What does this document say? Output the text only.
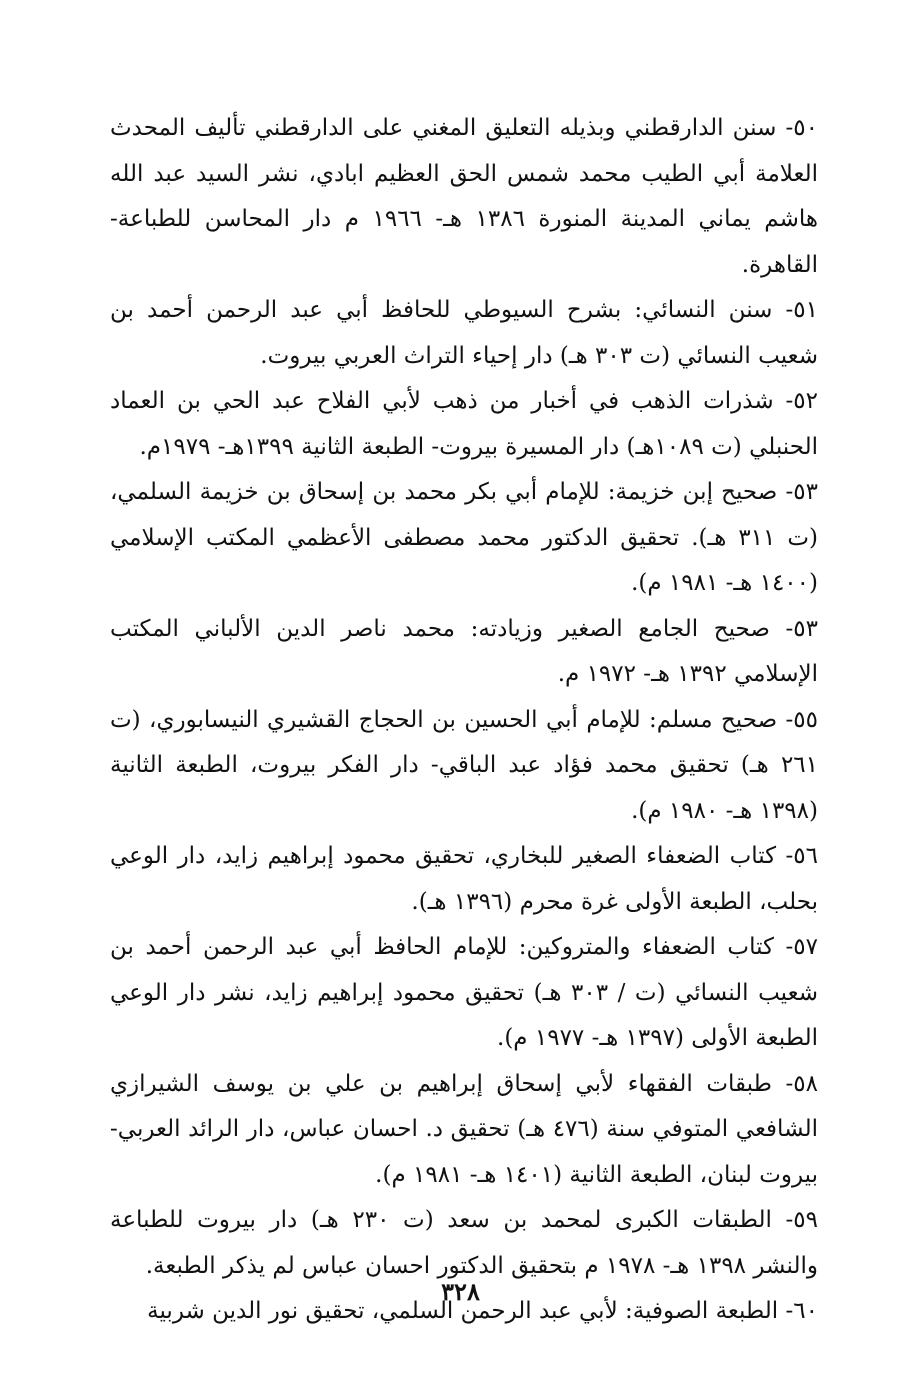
٥٠- سنن الدارقطني وبذيله التعليق المغني على الدارقطني تأليف المحدث العلامة أبي الطيب محمد شمس الحق العظيم ابادي، نشر السيد عبد الله هاشم يماني المدينة المنورة ١٣٨٦ هـ- ١٩٦٦ م دار المحاسن للطباعة- القاهرة.

٥١- سنن النسائي: بشرح السيوطي للحافظ أبي عبد الرحمن أحمد بن شعيب النسائي (ت ٣٠٣ هـ) دار إحياء التراث العربي بيروت.

٥٢- شذرات الذهب في أخبار من ذهب لأبي الفلاح عبد الحي بن العماد الحنبلي (ت ١٠٨٩هـ) دار المسيرة بيروت- الطبعة الثانية ١٣٩٩هـ- ١٩٧٩م.

٥٣- صحيح إبن خزيمة: للإمام أبي بكر محمد بن إسحاق بن خزيمة السلمي، (ت ٣١١ هـ). تحقيق الدكتور محمد مصطفى الأعظمي المكتب الإسلامي (١٤٠٠ هـ- ١٩٨١ م).

٥٣- صحيح الجامع الصغير وزيادته: محمد ناصر الدين الألباني المكتب الإسلامي ١٣٩٢ هـ- ١٩٧٢ م.

٥٥- صحيح مسلم: للإمام أبي الحسين بن الحجاج القشيري النيسابوري، (ت ٢٦١ هـ) تحقيق محمد فؤاد عبد الباقي- دار الفكر بيروت، الطبعة الثانية (١٣٩٨ هـ- ١٩٨٠ م).

٥٦- كتاب الضعفاء الصغير للبخاري، تحقيق محمود إبراهيم زايد، دار الوعي بحلب، الطبعة الأولى غرة محرم (١٣٩٦ هـ).

٥٧- كتاب الضعفاء والمتروكين: للإمام الحافظ أبي عبد الرحمن أحمد بن شعيب النسائي (ت / ٣٠٣ هـ) تحقيق محمود إبراهيم زايد، نشر دار الوعي الطبعة الأولى (١٣٩٧ هـ- ١٩٧٧ م).

٥٨- طبقات الفقهاء لأبي إسحاق إبراهيم بن علي بن يوسف الشيرازي الشافعي المتوفي سنة (٤٧٦ هـ) تحقيق د. احسان عباس، دار الرائد العربي- بيروت لبنان، الطبعة الثانية (١٤٠١ هـ- ١٩٨١ م).

٥٩- الطبقات الكبرى لمحمد بن سعد (ت ٢٣٠ هـ) دار بيروت للطباعة والنشر ١٣٩٨ هـ- ١٩٧٨ م بتحقيق الدكتور احسان عباس لم يذكر الطبعة.

٦٠- الطبعة الصوفية: لأبي عبد الرحمن السلمي، تحقيق نور الدين شربية

٣٢٨
